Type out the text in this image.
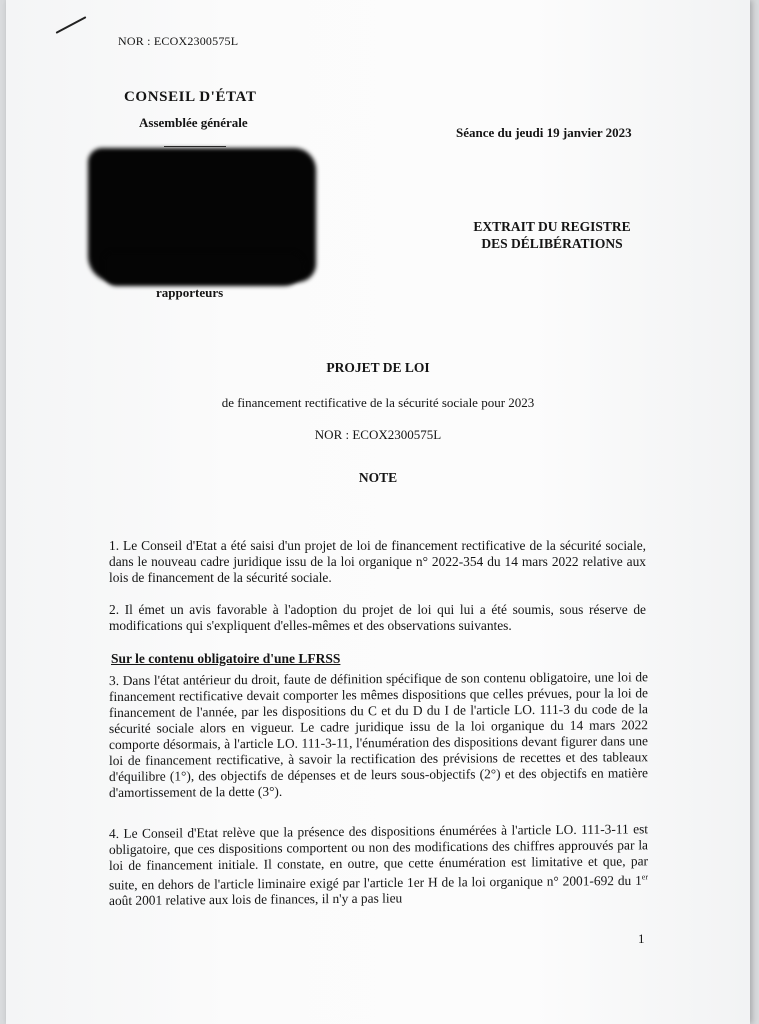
NOR : ECOX2300575L
CONSEIL D'ÉTAT
Assemblée générale
Séance du jeudi 19 janvier 2023
EXTRAIT DU REGISTRE
DES DÉLIBÉRATIONS
rapporteurs
PROJET DE LOI
de financement rectificative de la sécurité sociale pour 2023
NOR : ECOX2300575L
NOTE
1. Le Conseil d'Etat a été saisi d'un projet de loi de financement rectificative de la sécurité sociale, dans le nouveau cadre juridique issu de la loi organique n° 2022-354 du 14 mars 2022 relative aux lois de financement de la sécurité sociale.
2. Il émet un avis favorable à l'adoption du projet de loi qui lui a été soumis, sous réserve de modifications qui s'expliquent d'elles-mêmes et des observations suivantes.
Sur le contenu obligatoire d'une LFRSS
3. Dans l'état antérieur du droit, faute de définition spécifique de son contenu obligatoire, une loi de financement rectificative devait comporter les mêmes dispositions que celles prévues, pour la loi de financement de l'année, par les dispositions du C et du D du I de l'article LO. 111-3 du code de la sécurité sociale alors en vigueur. Le cadre juridique issu de la loi organique du 14 mars 2022 comporte désormais, à l'article LO. 111-3-11, l'énumération des dispositions devant figurer dans une loi de financement rectificative, à savoir la rectification des prévisions de recettes et des tableaux d'équilibre (1°), des objectifs de dépenses et de leurs sous-objectifs (2°) et des objectifs en matière d'amortissement de la dette (3°).
4. Le Conseil d'Etat relève que la présence des dispositions énumérées à l'article LO. 111-3-11 est obligatoire, que ces dispositions comportent ou non des modifications des chiffres approuvés par la loi de financement initiale. Il constate, en outre, que cette énumération est limitative et que, par suite, en dehors de l'article liminaire exigé par l'article 1er H de la loi organique n° 2001-692 du 1er août 2001 relative aux lois de finances, il n'y a pas lieu
1
